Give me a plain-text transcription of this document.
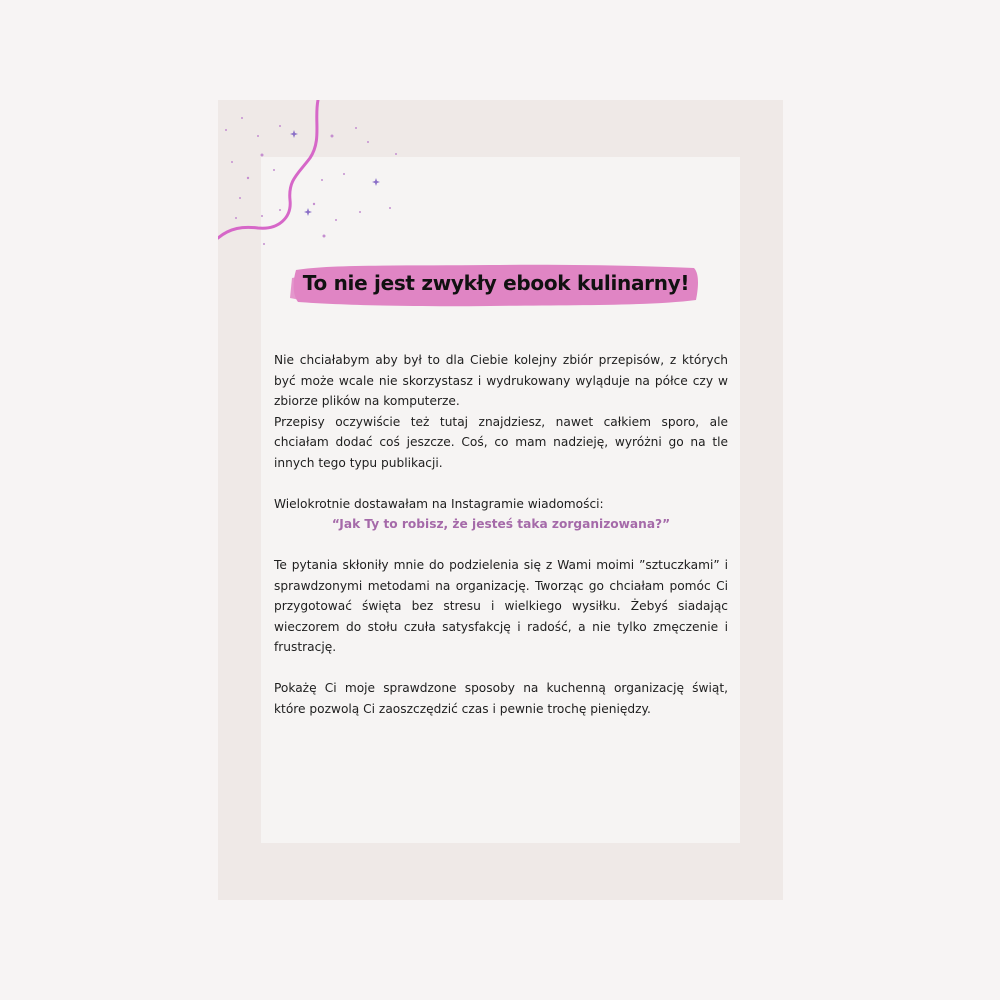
To nie jest zwykły ebook kulinarny!

Nie chciałabym aby był to dla Ciebie kolejny zbiór przepisów, z których być może wcale nie skorzystasz i wydrukowany wyląduje na półce czy w zbiorze plików na komputerze.

Przepisy oczywiście też tutaj znajdziesz, nawet całkiem sporo, ale chciałam dodać coś jeszcze. Coś, co mam nadzieję, wyróżni go na tle innych tego typu publikacji.

Wielokrotnie dostawałam na Instagramie wiadomości:

“Jak Ty to robisz, że jesteś taka zorganizowana?”

Te pytania skłoniły mnie do podzielenia się z Wami moimi ”sztuczkami” i sprawdzonymi metodami na organizację. Tworząc go chciałam pomóc Ci przygotować święta bez stresu i wielkiego wysiłku. Żebyś siadając wieczorem do stołu czuła satysfakcję i radość, a nie tylko zmęczenie i frustrację.

Pokażę Ci moje sprawdzone sposoby na kuchenną organizację świąt, które pozwolą Ci zaoszczędzić czas i pewnie trochę pieniędzy.
